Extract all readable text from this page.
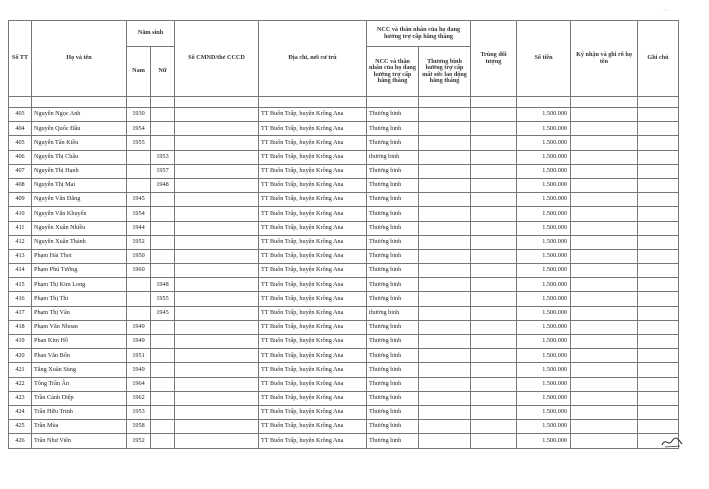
· · ·
Số TT	Họ và tên	Năm sinh		Số CMND/thẻ CCCD	Địa chỉ, nơi cư trú	NCC và thân nhân của họ đang hưởng trợ cấp hằng tháng		Trùng đối tượng	Số tiền	Ký nhận và ghi rõ họ tên	Ghi chú
		Nam	Nữ			NCC và thân nhân của họ đang hưởng trợ cấp hằng tháng	Thương binh hưởng trợ cấp mất sức lao động hằng tháng				

403	Nguyễn Ngọc Anh	1930			TT Buôn Trấp, huyện Krông Ana	Thương binh			1.500.000		
404	Nguyễn Quốc Đầu	1954			TT Buôn Trấp, huyện Krông Ana	Thương binh			1.500.000		
405	Nguyễn Tấn Kiều	1955			TT Buôn Trấp, huyện Krông Ana	Thương binh			1.500.000		
406	Nguyễn Thị Châu		1953		TT Buôn Trấp, huyện Krông Ana	thương binh			1.500.000		
407	Nguyễn Thị Hạnh		1957		TT Buôn Trấp, huyện Krông Ana	Thương binh			1.500.000		
408	Nguyễn Thị Mai		1948		TT Buôn Trấp, huyện Krông Ana	Thương binh			1.500.000		
409	Nguyễn Văn Đăng	1945			TT Buôn Trấp, huyện Krông Ana	Thương binh			1.500.000		
410	Nguyễn Văn Khuyến	1954			TT Buôn Trấp, huyện Krông Ana	Thương binh			1.500.000		
411	Nguyễn Xuân Nhiều	1944			TT Buôn Trấp, huyện Krông Ana	Thương binh			1.500.000		
412	Nguyễn Xuân Thành	1952			TT Buôn Trấp, huyện Krông Ana	Thương binh			1.500.000		
413	Phạm Hải Thoi	1950			TT Buôn Trấp, huyện Krông Ana	Thương binh			1.500.000		
414	Phạm Phú Tường	1960			TT Buôn Trấp, huyện Krông Ana	Thương binh			1.500.000		
415	Phạm Thị Kim Long		1948		TT Buôn Trấp, huyện Krông Ana	Thương binh			1.500.000		
416	Phạm Thị Thi		1955		TT Buôn Trấp, huyện Krông Ana	Thương binh			1.500.000		
417	Phạm Thị Vân		1945		TT Buôn Trấp, huyện Krông Ana	thương binh			1.500.000		
418	Phạm Văn Nhoan	1949			TT Buôn Trấp, huyện Krông Ana	Thương binh			1.500.000		
419	Phan Kim Hồ	1949			TT Buôn Trấp, huyện Krông Ana	Thương binh			1.500.000		
420	Phan Văn Bốn	1951			TT Buôn Trấp, huyện Krông Ana	Thương binh			1.500.000		
421	Tăng Xuân Sùng	1949			TT Buôn Trấp, huyện Krông Ana	Thương binh			1.500.000		
422	Tông Trần Ân	1964			TT Buôn Trấp, huyện Krông Ana	Thương binh			1.500.000		
423	Trần Cảnh Diệp	1962			TT Buôn Trấp, huyện Krông Ana	Thương binh			1.500.000		
424	Trần Hữu Trinh	1953			TT Buôn Trấp, huyện Krông Ana	Thương binh			1.500.000		
425	Trần Mùa	1958			TT Buôn Trấp, huyện Krông Ana	Thương binh			1.500.000		
426	Trần Như Viên	1952			TT Buôn Trấp, huyện Krông Ana	Thương binh			1.500.000		
